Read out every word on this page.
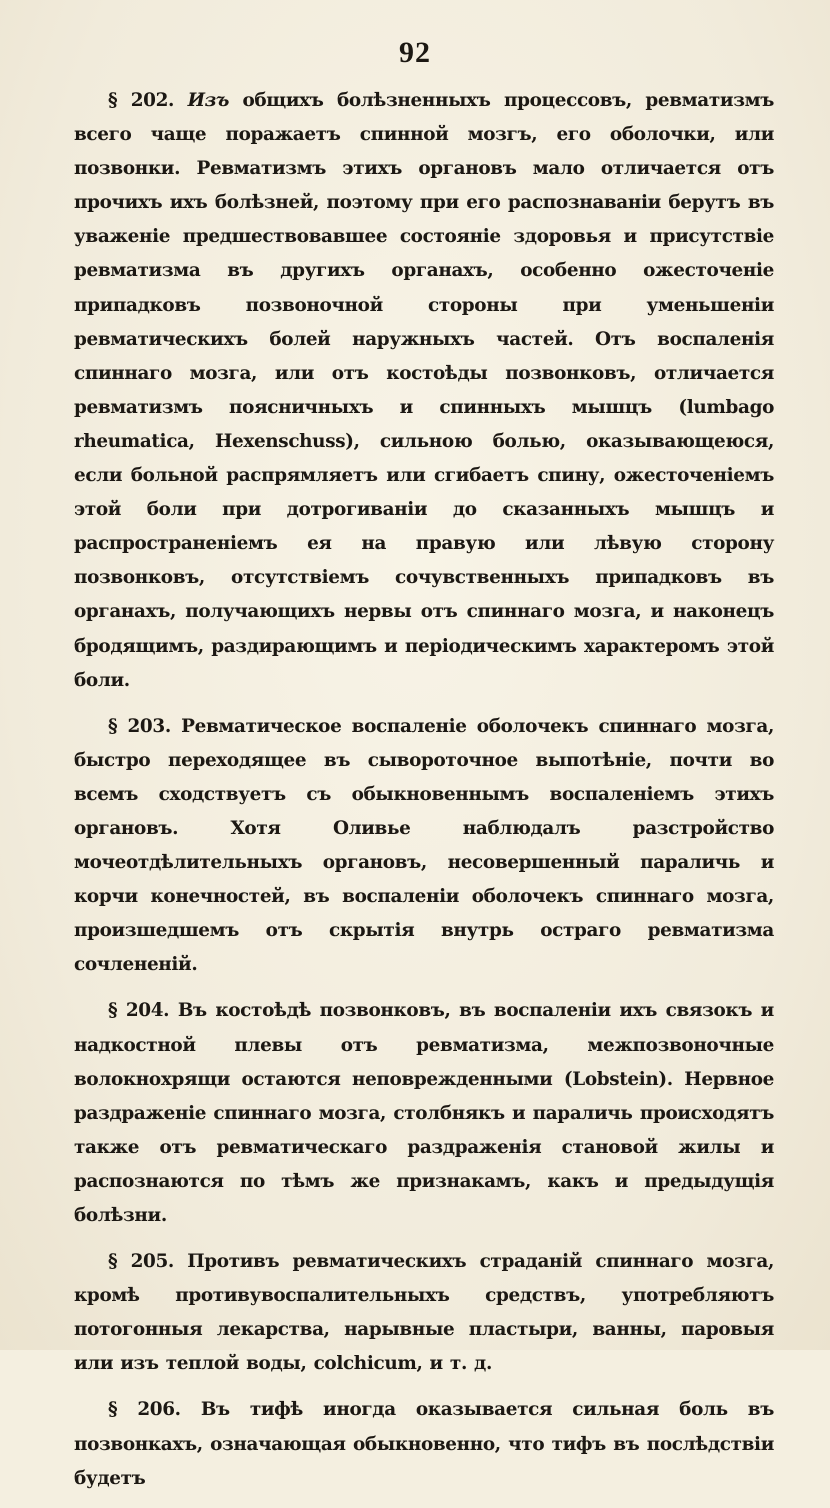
92

§ 202. Изъ общихъ болѣзненныхъ процессовъ, ревматизмъ всего чаще поражаетъ спинной мозгъ, его оболочки, или позвонки. Ревматизмъ этихъ органовъ мало отличается отъ прочихъ ихъ болѣзней, поэтому при его распознаваніи берутъ въ уваженіе предшествовавшее состояніе здоровья и присутствіе ревматизма въ другихъ органахъ, особенно ожесточеніе припадковъ позвоночной стороны при уменьшеніи ревматическихъ болей наружныхъ частей. Отъ воспаленія спиннаго мозга, или отъ костоѣды позвонковъ, отличается ревматизмъ поясничныхъ и спинныхъ мышцъ (lumbago rheumatica, Hexenschuss), сильною болью, оказывающеюся, если больной распрямляетъ или сгибаетъ спину, ожесточеніемъ этой боли при дотрогиваніи до сказанныхъ мышцъ и распространеніемъ ея на правую или лѣвую сторону позвонковъ, отсутствіемъ сочувственныхъ припадковъ въ органахъ, получающихъ нервы отъ спиннаго мозга, и наконецъ бродящимъ, раздирающимъ и періодическимъ характеромъ этой боли.

§ 203. Ревматическое воспаленіе оболочекъ спиннаго мозга, быстро переходящее въ сывороточное выпотѣніе, почти во всемъ сходствуетъ съ обыкновеннымъ воспаленіемъ этихъ органовъ. Хотя Оливье наблюдалъ разстройство мочеотдѣлительныхъ органовъ, несовершенный параличь и корчи конечностей, въ воспаленіи оболочекъ спиннаго мозга, произшедшемъ отъ скрытія внутрь остраго ревматизма сочлененій.

§ 204. Въ костоѣдѣ позвонковъ, въ воспаленіи ихъ связокъ и надкостной плевы отъ ревматизма, межпозвоночные волокнохрящи остаются неповрежденными (Lobstein). Нервное раздраженіе спиннаго мозга, столбнякъ и параличь происходятъ также отъ ревматическаго раздраженія становой жилы и распознаются по тѣмъ же признакамъ, какъ и предыдущія болѣзни.

§ 205. Противъ ревматическихъ страданій спиннаго мозга, кромѣ противувоспалительныхъ средствъ, употребляютъ потогонныя лекарства, нарывные пластыри, ванны, паровыя или изъ теплой воды, colchicum, и т. д.

§ 206. Въ тифѣ иногда оказывается сильная боль въ позвонкахъ, означающая обыкновенно, что тифъ въ послѣдствіи будетъ
